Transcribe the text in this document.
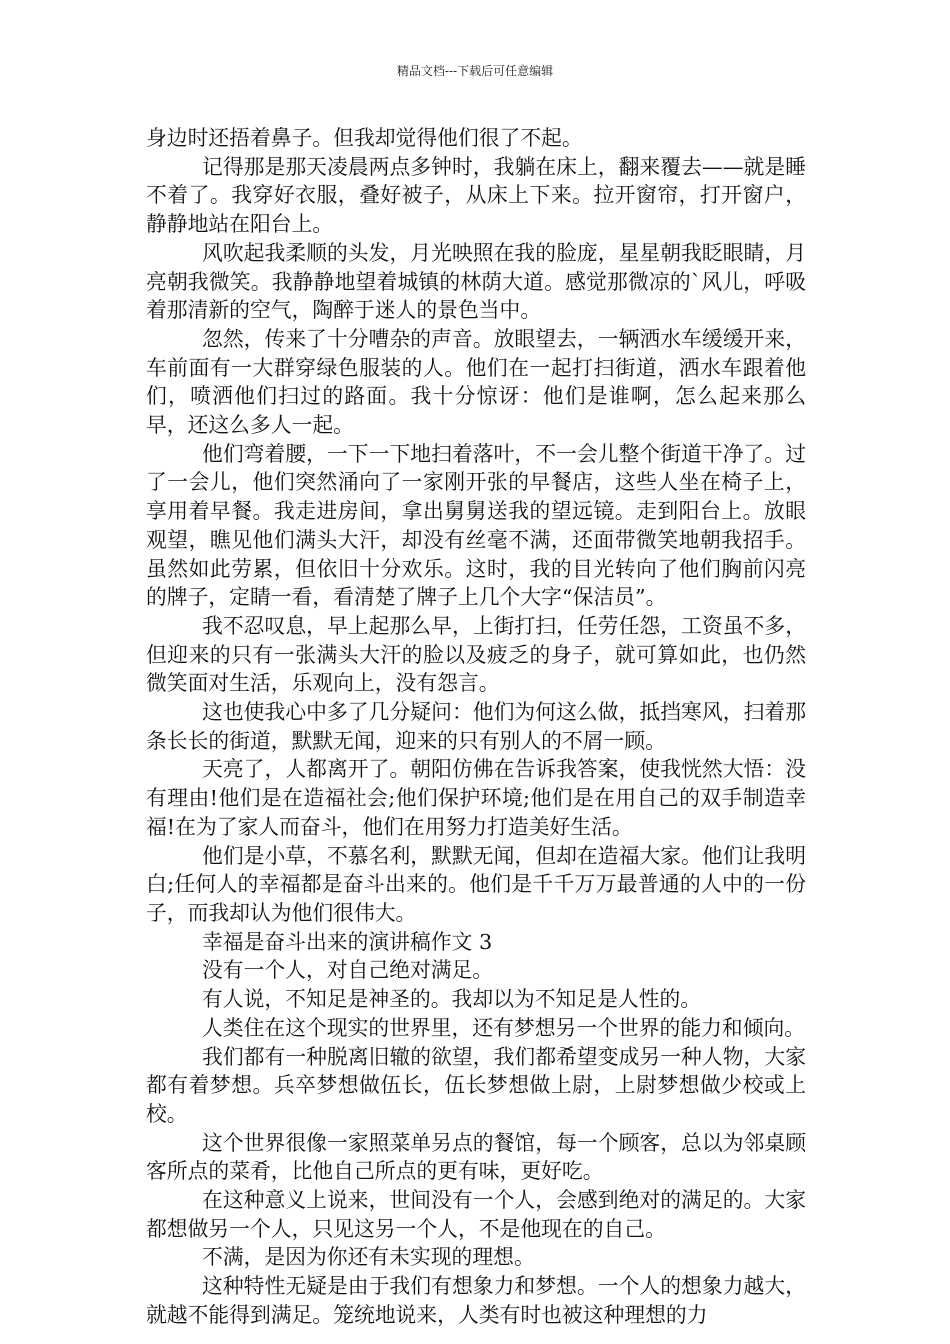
精品文档---下载后可任意编辑

身边时还捂着鼻子。但我却觉得他们很了不起。

记得那是那天凌晨两点多钟时，我躺在床上，翻来覆去——就是睡不着了。我穿好衣服，叠好被子，从床上下来。拉开窗帘，打开窗户，静静地站在阳台上。

风吹起我柔顺的头发，月光映照在我的脸庞，星星朝我眨眼睛，月亮朝我微笑。我静静地望着城镇的林荫大道。感觉那微凉的`风儿，呼吸着那清新的空气，陶醉于迷人的景色当中。

忽然，传来了十分嘈杂的声音。放眼望去，一辆洒水车缓缓开来，车前面有一大群穿绿色服装的人。他们在一起打扫街道，洒水车跟着他们，喷洒他们扫过的路面。我十分惊讶：他们是谁啊，怎么起来那么早，还这么多人一起。

他们弯着腰，一下一下地扫着落叶，不一会儿整个街道干净了。过了一会儿，他们突然涌向了一家刚开张的早餐店，这些人坐在椅子上，享用着早餐。我走进房间，拿出舅舅送我的望远镜。走到阳台上。放眼观望，瞧见他们满头大汗，却没有丝毫不满，还面带微笑地朝我招手。虽然如此劳累，但依旧十分欢乐。这时，我的目光转向了他们胸前闪亮的牌子，定睛一看，看清楚了牌子上几个大字“保洁员”。

我不忍叹息，早上起那么早，上街打扫，任劳任怨，工资虽不多，但迎来的只有一张满头大汗的脸以及疲乏的身子，就可算如此，也仍然微笑面对生活，乐观向上，没有怨言。

这也使我心中多了几分疑问：他们为何这么做，抵挡寒风，扫着那条长长的街道，默默无闻，迎来的只有别人的不屑一顾。

天亮了，人都离开了。朝阳仿佛在告诉我答案，使我恍然大悟：没有理由!他们是在造福社会;他们保护环境;他们是在用自己的双手制造幸福!在为了家人而奋斗，他们在用努力打造美好生活。

他们是小草，不慕名利，默默无闻，但却在造福大家。他们让我明白;任何人的幸福都是奋斗出来的。他们是千千万万最普通的人中的一份子，而我却认为他们很伟大。

幸福是奋斗出来的演讲稿作文 3

没有一个人，对自己绝对满足。

有人说，不知足是神圣的。我却以为不知足是人性的。

人类住在这个现实的世界里，还有梦想另一个世界的能力和倾向。

我们都有一种脱离旧辙的欲望，我们都希望变成另一种人物，大家都有着梦想。兵卒梦想做伍长，伍长梦想做上尉，上尉梦想做少校或上校。

这个世界很像一家照菜单另点的餐馆，每一个顾客，总以为邻桌顾客所点的菜肴，比他自己所点的更有味，更好吃。

在这种意义上说来，世间没有一个人，会感到绝对的满足的。大家都想做另一个人，只见这另一个人，不是他现在的自己。

不满，是因为你还有未实现的理想。

这种特性无疑是由于我们有想象力和梦想。一个人的想象力越大，就越不能得到满足。笼统地说来，人类有时也被这种理想的力
